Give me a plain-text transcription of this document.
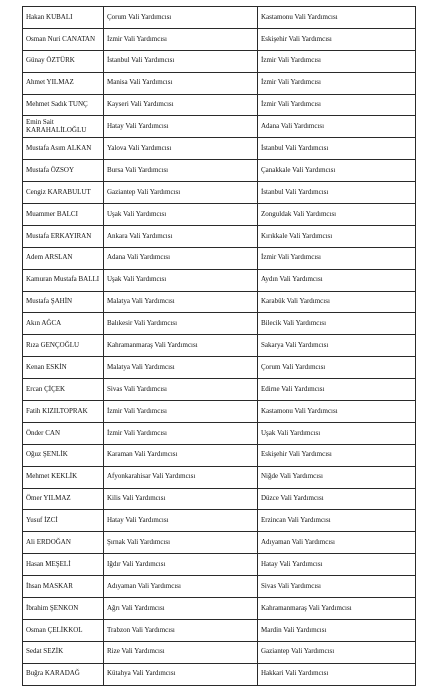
Hakan KUBALI	Çorum Vali Yardımcısı	Kastamonu Vali Yardımcısı
Osman Nuri CANATAN	İzmir Vali Yardımcısı	Eskişehir Vali Yardımcısı
Günay ÖZTÜRK	İstanbul Vali Yardımcısı	İzmir Vali Yardımcısı
Ahmet YILMAZ	Manisa Vali Yardımcısı	İzmir Vali Yardımcısı
Mehmet Sadık TUNÇ	Kayseri Vali Yardımcısı	İzmir Vali Yardımcısı
Emin Sait KARAHALİLOĞLU	Hatay Vali Yardımcısı	Adana Vali Yardımcısı
Mustafa Asım ALKAN	Yalova Vali Yardımcısı	İstanbul Vali Yardımcısı
Mustafa ÖZSOY	Bursa Vali Yardımcısı	Çanakkale Vali Yardımcısı
Cengiz KARABULUT	Gaziantep Vali Yardımcısı	İstanbul Vali Yardımcısı
Muammer BALCI	Uşak Vali Yardımcısı	Zonguldak Vali Yardımcısı
Mustafa ERKAYIRAN	Ankara Vali Yardımcısı	Kırıkkale Vali Yardımcısı
Adem ARSLAN	Adana Vali Yardımcısı	İzmir Vali Yardımcısı
Kamuran Mustafa BALLI	Uşak Vali Yardımcısı	Aydın Vali Yardımcısı
Mustafa ŞAHİN	Malatya Vali Yardımcısı	Karabük Vali Yardımcısı
Akın AĞCA	Balıkesir Vali Yardımcısı	Bilecik Vali Yardımcısı
Rıza GENÇOĞLU	Kahramanmaraş Vali Yardımcısı	Sakarya Vali Yardımcısı
Kenan ESKİN	Malatya Vali Yardımcısı	Çorum Vali Yardımcısı
Ercan ÇİÇEK	Sivas Vali Yardımcısı	Edirne Vali Yardımcısı
Fatih KIZILTOPRAK	İzmir Vali Yardımcısı	Kastamonu Vali Yardımcısı
Önder CAN	İzmir Vali Yardımcısı	Uşak Vali Yardımcısı
Oğuz ŞENLİK	Karaman Vali Yardımcısı	Eskişehir Vali Yardımcısı
Mehmet KEKLİK	Afyonkarahisar Vali Yardımcısı	Niğde Vali Yardımcısı
Ömer YILMAZ	Kilis Vali Yardımcısı	Düzce Vali Yardımcısı
Yusuf İZCİ	Hatay Vali Yardımcısı	Erzincan Vali Yardımcısı
Ali ERDOĞAN	Şırnak Vali Yardımcısı	Adıyaman Vali Yardımcısı
Hasan MEŞELİ	Iğdır Vali Yardımcısı	Hatay Vali Yardımcısı
İhsan MASKAR	Adıyaman Vali Yardımcısı	Sivas Vali Yardımcısı
İbrahim ŞENKON	Ağrı Vali Yardımcısı	Kahramanmaraş Vali Yardımcısı
Osman ÇELİKKOL	Trabzon Vali Yardımcısı	Mardin Vali Yardımcısı
Sedat SEZİK	Rize Vali Yardımcısı	Gaziantep Vali Yardımcısı
Buğra KARADAĞ	Kütahya Vali Yardımcısı	Hakkari Vali Yardımcısı
